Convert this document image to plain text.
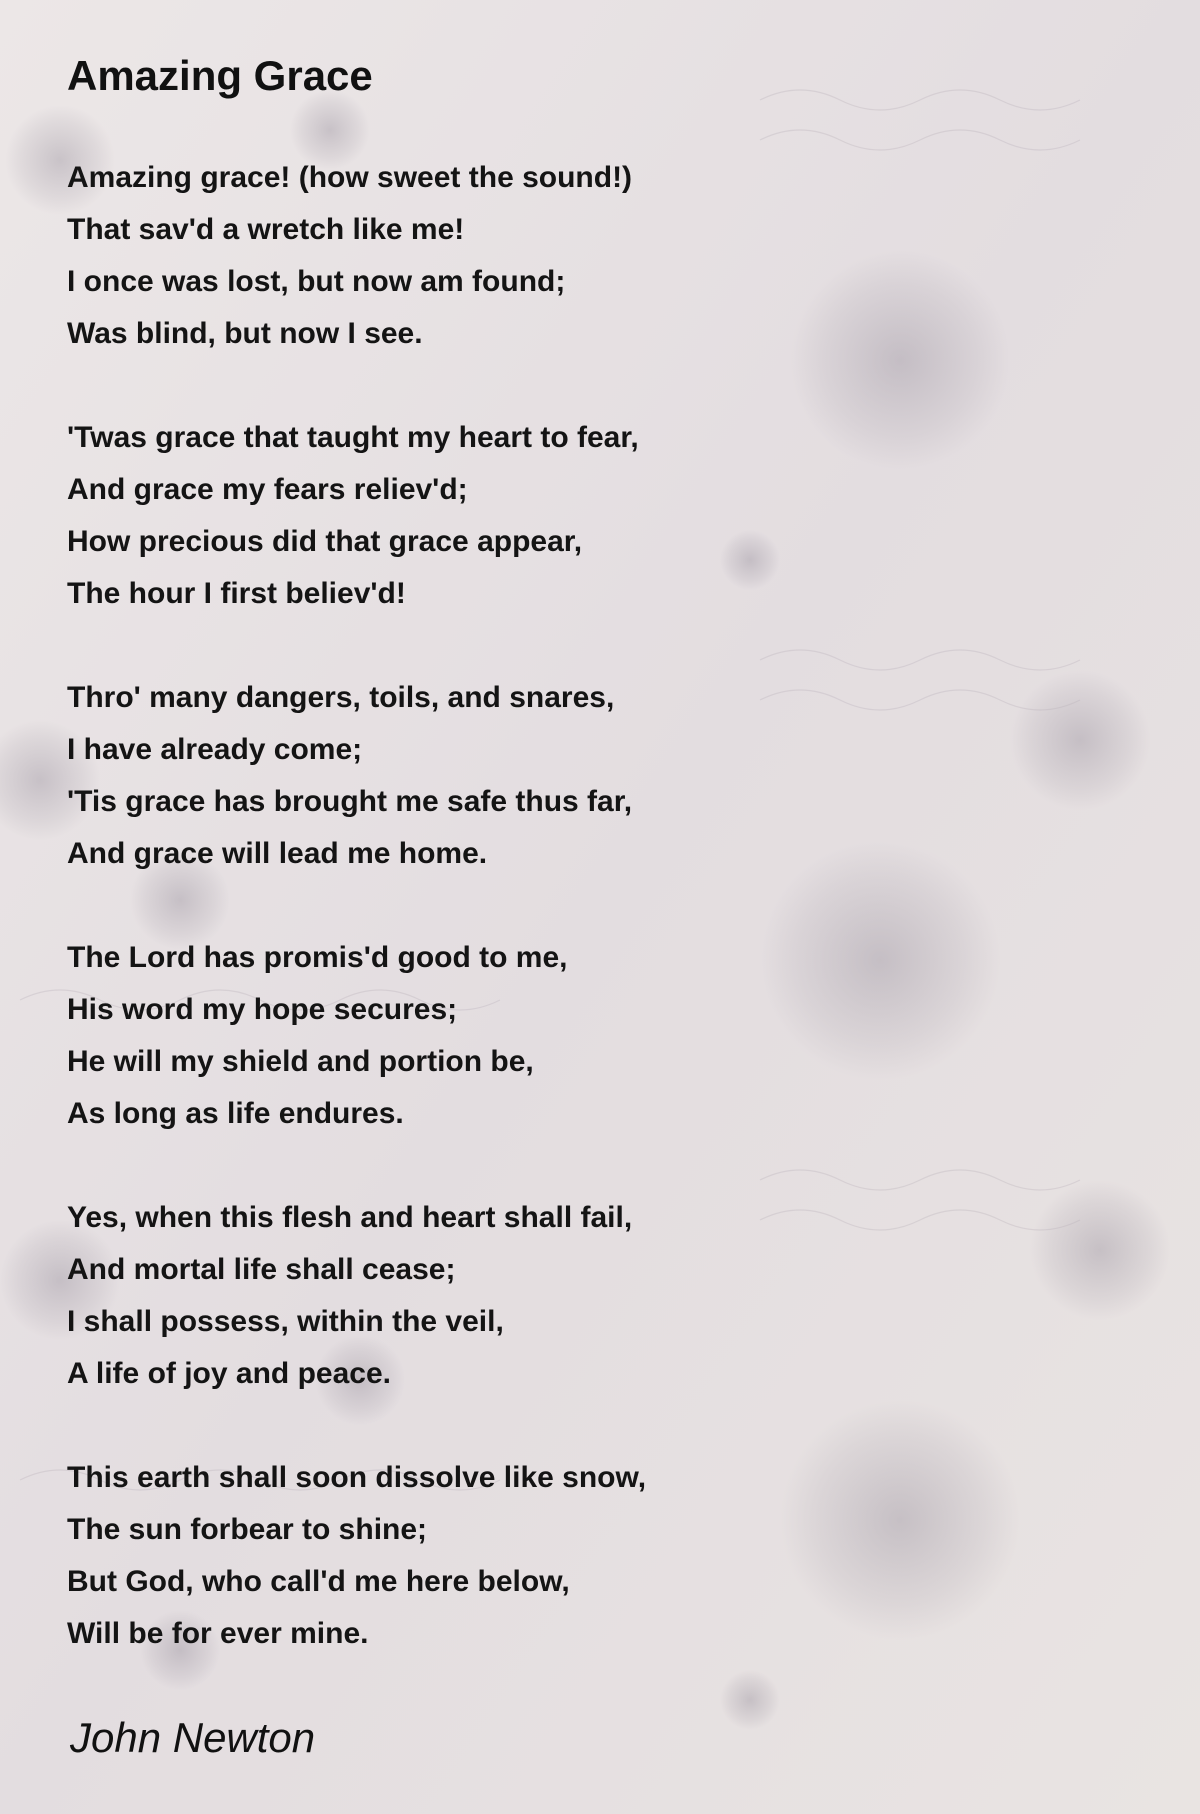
Amazing Grace
Amazing grace! (how sweet the sound!)
That sav'd a wretch like me!
I once was lost, but now am found;
Was blind, but now I see.
'Twas grace that taught my heart to fear,
And grace my fears reliev'd;
How precious did that grace appear,
The hour I first believ'd!
Thro' many dangers, toils, and snares,
I have already come;
'Tis grace has brought me safe thus far,
And grace will lead me home.
The Lord has promis'd good to me,
His word my hope secures;
He will my shield and portion be,
As long as life endures.
Yes, when this flesh and heart shall fail,
And mortal life shall cease;
I shall possess, within the veil,
A life of joy and peace.
This earth shall soon dissolve like snow,
The sun forbear to shine;
But God, who call'd me here below,
Will be for ever mine.
John Newton
